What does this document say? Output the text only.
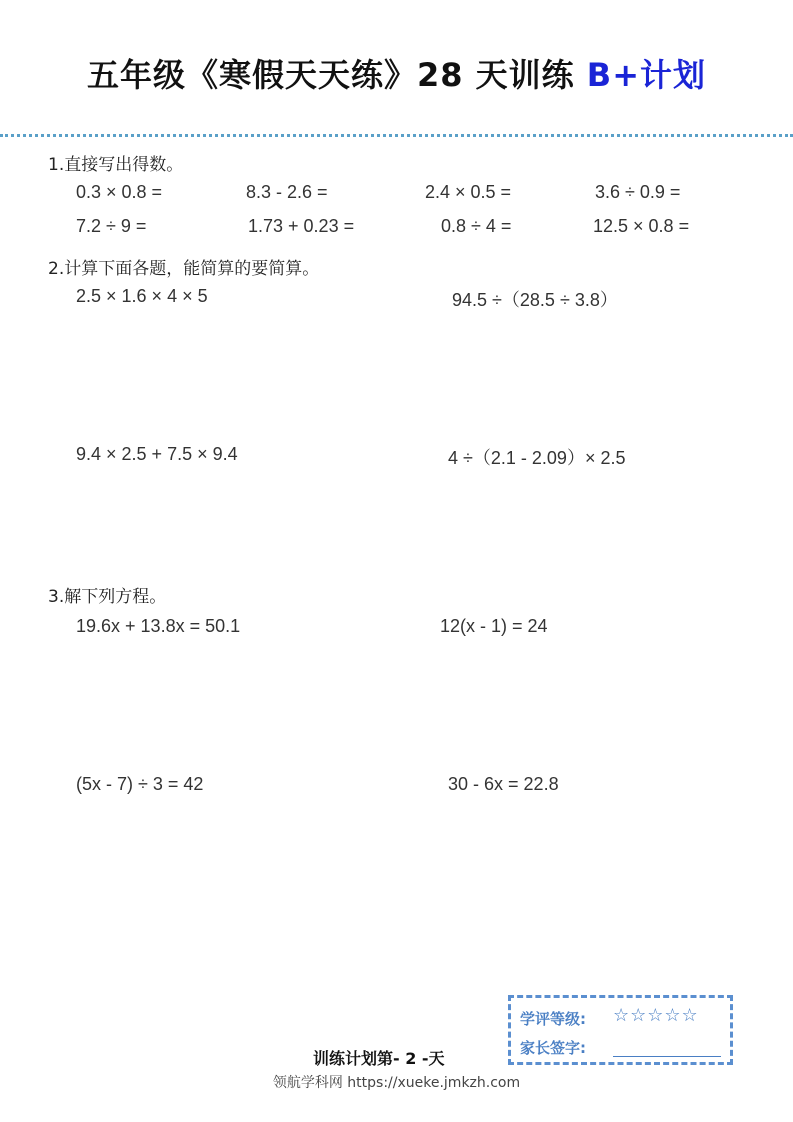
五年级《寒假天天练》28 天训练 B+计划
1.直接写出得数。
0.3 × 0.8 =	8.3 - 2.6 =	2.4 × 0.5 =	3.6 ÷ 0.9 =
7.2 ÷ 9 =	1.73 + 0.23 =	0.8 ÷ 4 =	12.5 × 0.8 =
2.计算下面各题，能简算的要简算。
2.5 × 1.6 × 4 × 5	94.5 ÷（28.5 ÷ 3.8）
9.4 × 2.5 + 7.5 × 9.4	4 ÷（2.1 - 2.09）× 2.5
3.解下列方程。
19.6x + 13.8x = 50.1	12(x - 1) = 24
(5x - 7) ÷ 3 = 42	30 - 6x = 22.8
学评等级: ☆☆☆☆☆
家长签字:
训练计划第- 2 -天
领航学科网 https://xueke.jmkzh.com
